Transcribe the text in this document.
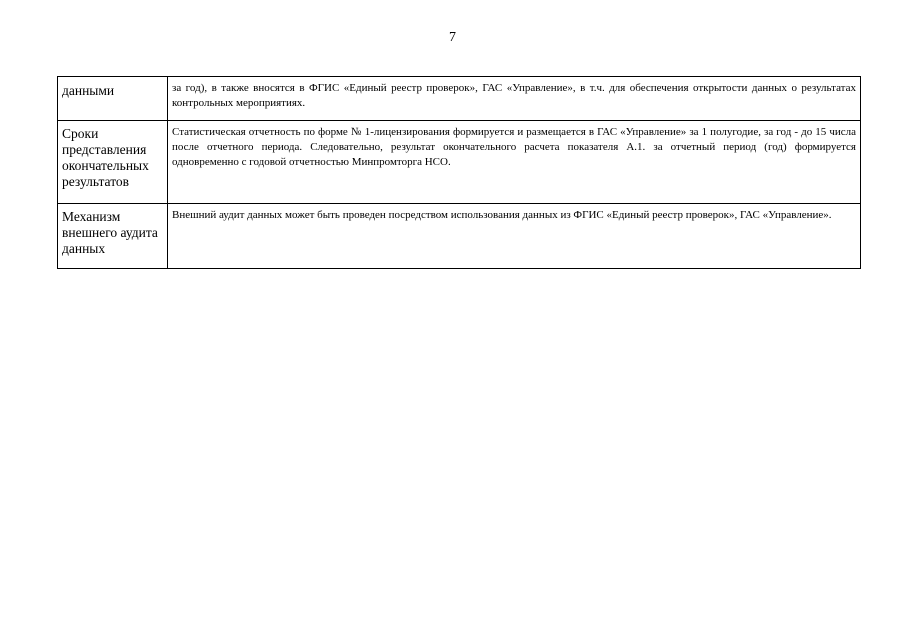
7
данными	за год), в также вносятся в ФГИС «Единый реестр проверок», ГАС «Управление», в т.ч. для обеспечения открытости данных о результатах контрольных мероприятиях.
Сроки представления окончательных результатов	Статистическая отчетность по форме № 1-лицензирования формируется и размещается в ГАС «Управление» за 1 полугодие, за год - до 15 числа после отчетного периода. Следовательно, результат окончательного расчета показателя А.1. за отчетный период (год) формируется одновременно с годовой отчетностью Минпромторга НСО.
Механизм внешнего аудита данных	Внешний аудит данных может быть проведен посредством использования данных из ФГИС «Единый реестр проверок», ГАС «Управление».
